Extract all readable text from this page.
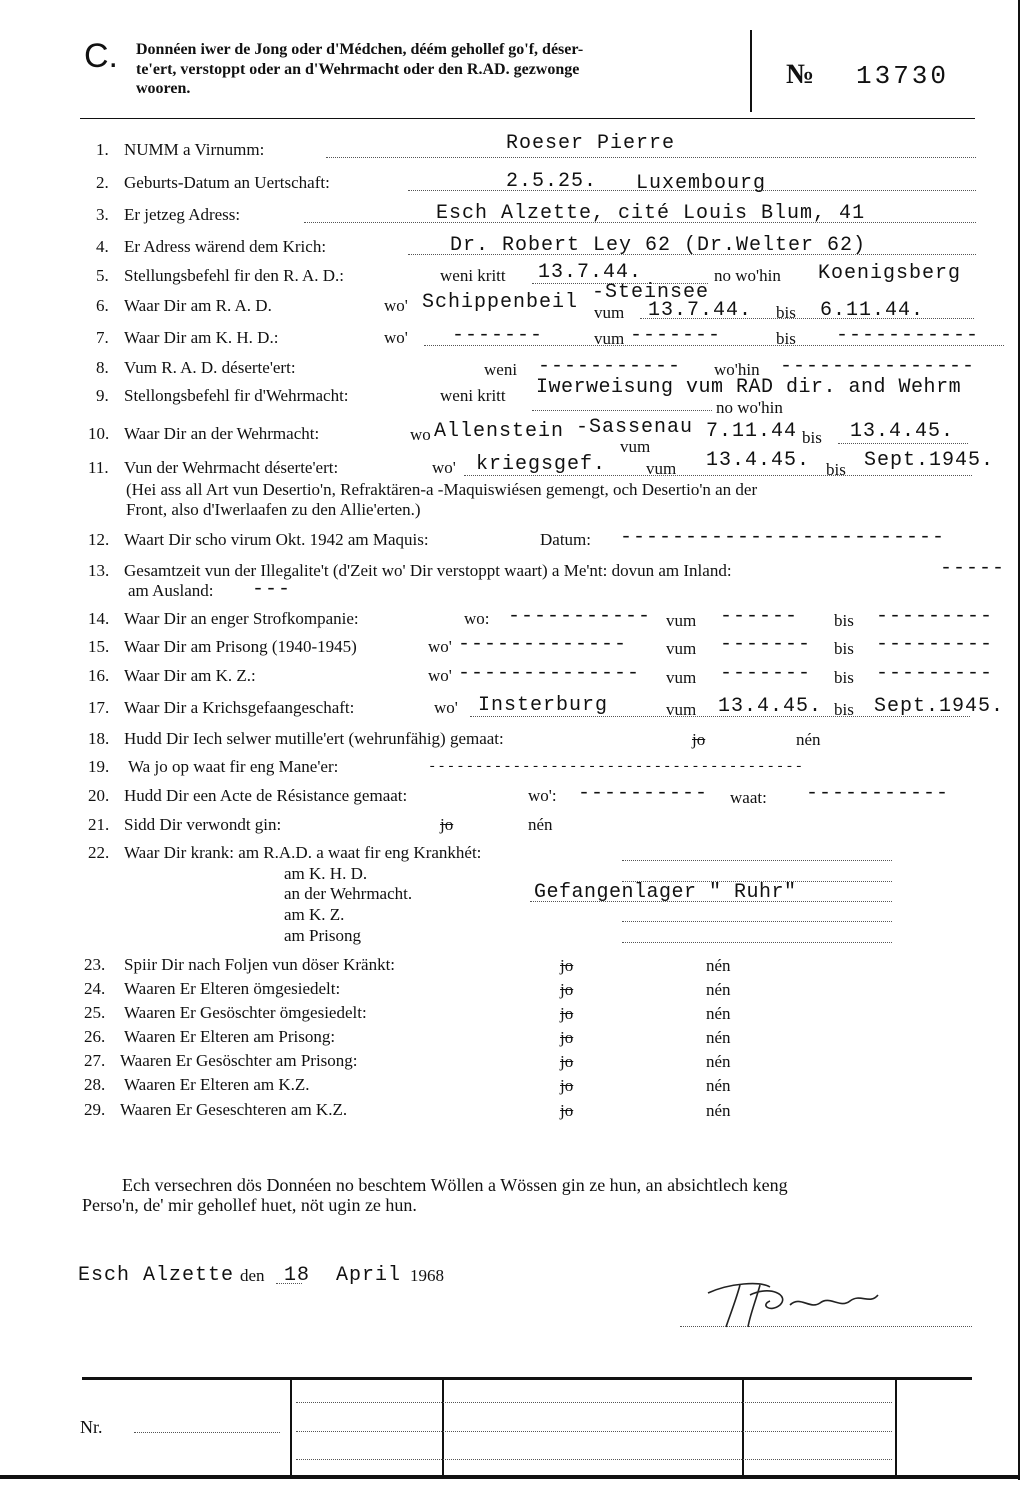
C. Donnéen iwer de Jong oder d'Médchen, déém gehollef go'f, déser-
te'ert, verstoppt oder an d'Wehrmacht oder den R.AD. gezwonge
wooren.	№ 13730
1. NUMM a Virnumm:	Roeser Pierre
2. Geburts-Datum an Uertschaft:	2.5.25. Luxembourg
3. Er jetzeg Adress:	Esch Alzette, cité Louis Blum, 41
4. Er Adress wärend dem Krich:	Dr. Robert Ley 62 (Dr.Welter 62)
5. Stellungsbefehl fir den R. A. D.:	weni kritt 13.7.44.	no wo'hin Koenigsberg
6. Waar Dir am R. A. D.	wo' Schippenbeil -Steinsee
vum 13.7.44. bis 6.11.44.
7. Waar Dir am K. H. D.:	wo' -------	vum -------	bis -----------
8. Vum R. A. D. déserte'ert:	weni ----------- wo'hin ---------------
9. Stellongsbefehl fir d'Wehrmacht:	weni kritt Iwerweisung vum RAD dir. and Wehrm
no wo'hin
10. Waar Dir an der Wehrmacht:	wo Allenstein -Sassenau
vum
7.11.44 bis 13.4.45.
11. Vun der Wehrmacht déserte'ert:	wo' kriegsgef. vum 13.4.45. bis Sept.1945.
(Hei ass all Art vun Desertio'n, Refraktären-a -Maquiswiésen gemengt, och Desertio'n an der
Front, also d'Iwerlaafen zu den Allie'erten.)
12. Waart Dir scho virum Okt. 1942 am Maquis:	Datum: -------------------------
13. Gesamtzeit vun der Illegalite't (d'Zeit wo' Dir verstoppt waart) a Me'nt: dovun am Inland:	-----
am Ausland: ---
14. Waar Dir an enger Strofkompanie:	wo: ----------- vum ------ bis ---------
15. Waar Dir am Prisong (1940-1945)	wo' ------------- vum ------- bis ---------
16. Waar Dir am K. Z.:	wo' -------------- vum ------- bis ---------
17. Waar Dir a Krichsgefaangeschaft:	wo' Insterburg	vum 13.4.45. bis Sept.1945.
18. Hudd Dir Iech selwer mutille'ert (wehrunfähig) gemaat:	jo	nén
19. Wa jo op waat fir eng Mane'er:	----------------------------------------
20. Hudd Dir een Acte de Résistance gemaat:	wo': ---------- waat: -----------
21. Sidd Dir verwondt gin:	jo	nén
22. Waar Dir krank: am R.A.D. a waat fir eng Krankhét:
am K. H. D.
an der Wehrmacht.	Gefangenlager " Ruhr"
am K. Z.
am Prisong
23. Spiir Dir nach Foljen vun döser Kränkt:	jo	nén
24. Waaren Er Elteren ömgesiedelt:	jo	nén
25. Waaren Er Gesöschter ömgesiedelt:	jo	nén
26. Waaren Er Elteren am Prisong:	jo	nén
27. Waaren Er Gesöschter am Prisong:	jo	nén
28. Waaren Er Elteren am K.Z.	jo	nén
29. Waaren Er Geseschteren am K.Z.	jo	nén
Ech versechren dös Donnéen no beschtem Wöllen a Wössen gin ze hun, an absichtlech keng
Perso'n, de' mir gehollef huet, nöt ugin ze hun.
Esch Alzette den 18 April 1968
Nr.
